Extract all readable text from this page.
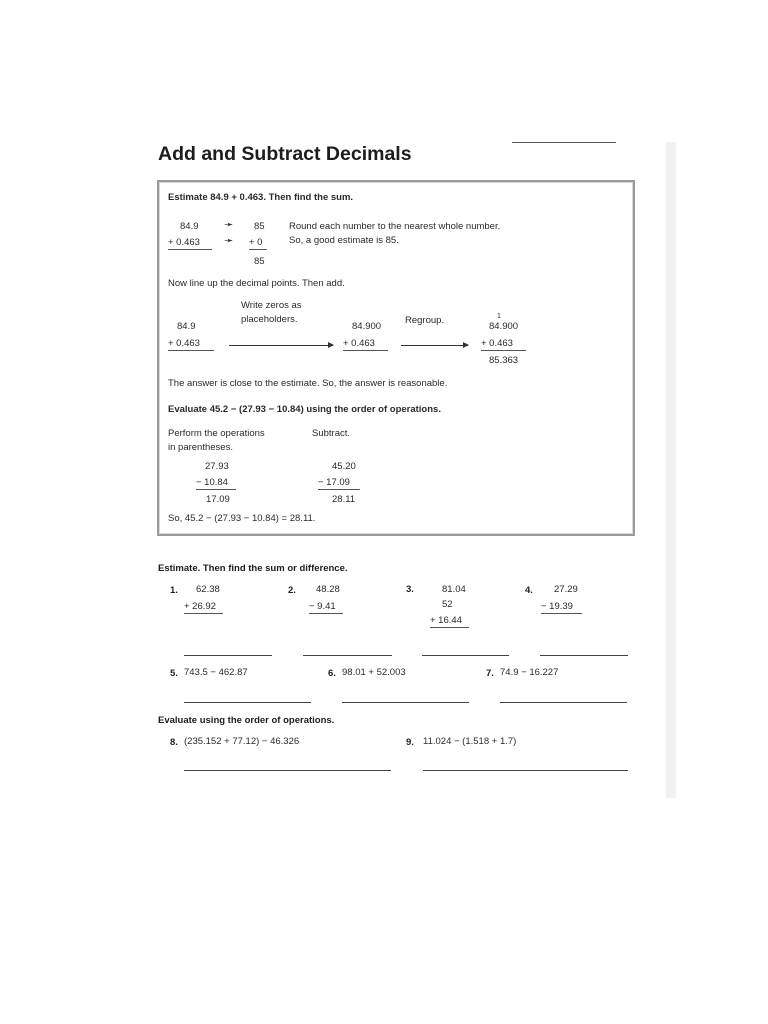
Add and Subtract Decimals
Estimate 84.9 + 0.463. Then find the sum.
84.9
+ 0.463
➛
➛
85
+ 0
85
Round each number to the nearest whole number.
So, a good estimate is 85.
Now line up the decimal points. Then add.
Write zeros as
placeholders.	Regroup.
84.9
+ 0.463
84.900
+ 0.463
1
84.900
+ 0.463
85.363
The answer is close to the estimate. So, the answer is reasonable.
Evaluate 45.2 − (27.93 − 10.84) using the order of operations.
Perform the operations
in parentheses.
Subtract.
27.93
− 10.84
17.09
45.20
− 17.09
28.11
So, 45.2 − (27.93 − 10.84) = 28.11.
Estimate. Then find the sum or difference.
1. 62.38
+ 26.92
2. 48.28
− 9.41
3.	81.04
52
+ 16.44
4. 27.29
− 19.39
5. 743.5 − 462.87	6. 98.01 + 52.003	7. 74.9 − 16.227
Evaluate using the order of operations.
8. (235.152 + 77.12) − 46.326	9. 11.024 − (1.518 + 1.7)
